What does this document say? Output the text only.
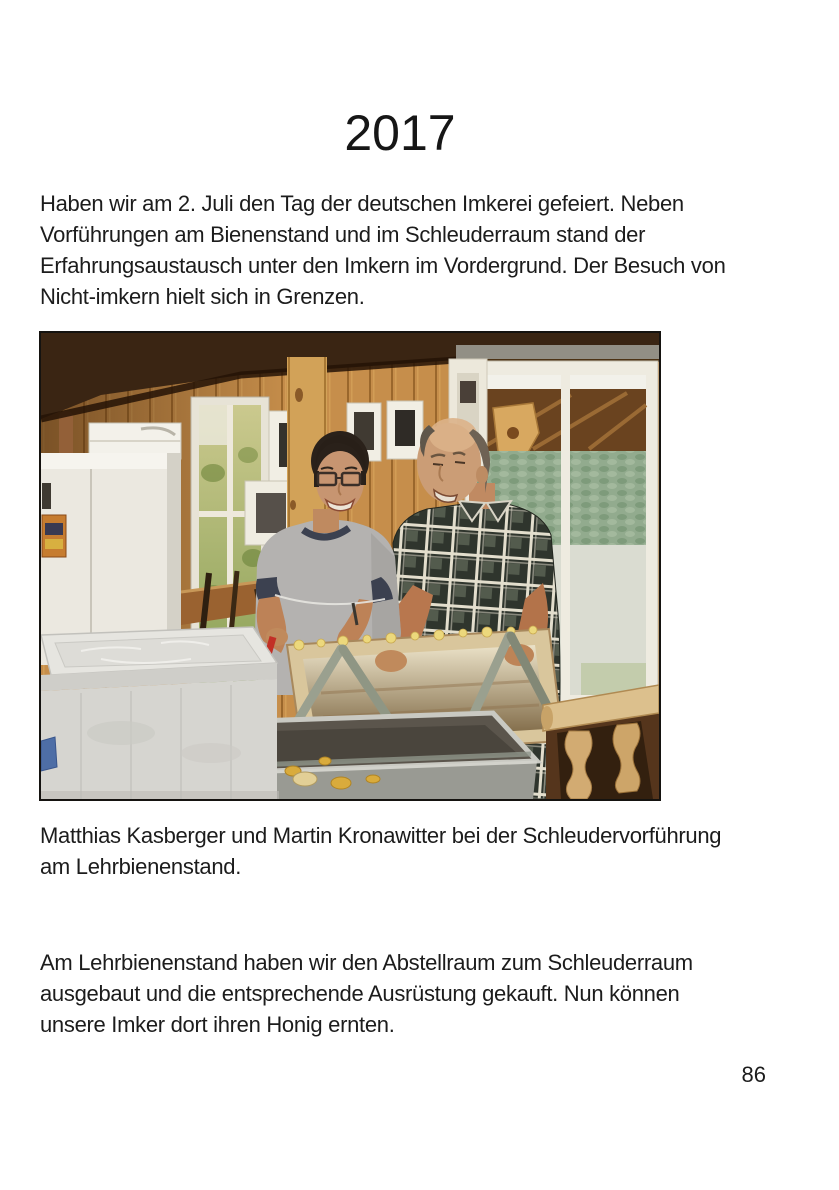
2017
Haben wir am 2. Juli den Tag der deutschen Imkerei gefeiert. Neben
Vorführungen am Bienenstand und im Schleuderraum stand der
Erfahrungsaustausch unter den Imkern im Vordergrund. Der Besuch von
Nicht-imkern hielt sich in Grenzen.
Matthias Kasberger und Martin Kronawitter bei der Schleudervorführung
am Lehrbienenstand.
Am Lehrbienenstand haben wir den Abstellraum zum Schleuderraum
ausgebaut und die entsprechende Ausrüstung gekauft. Nun können
unsere Imker dort ihren Honig ernten.
86
